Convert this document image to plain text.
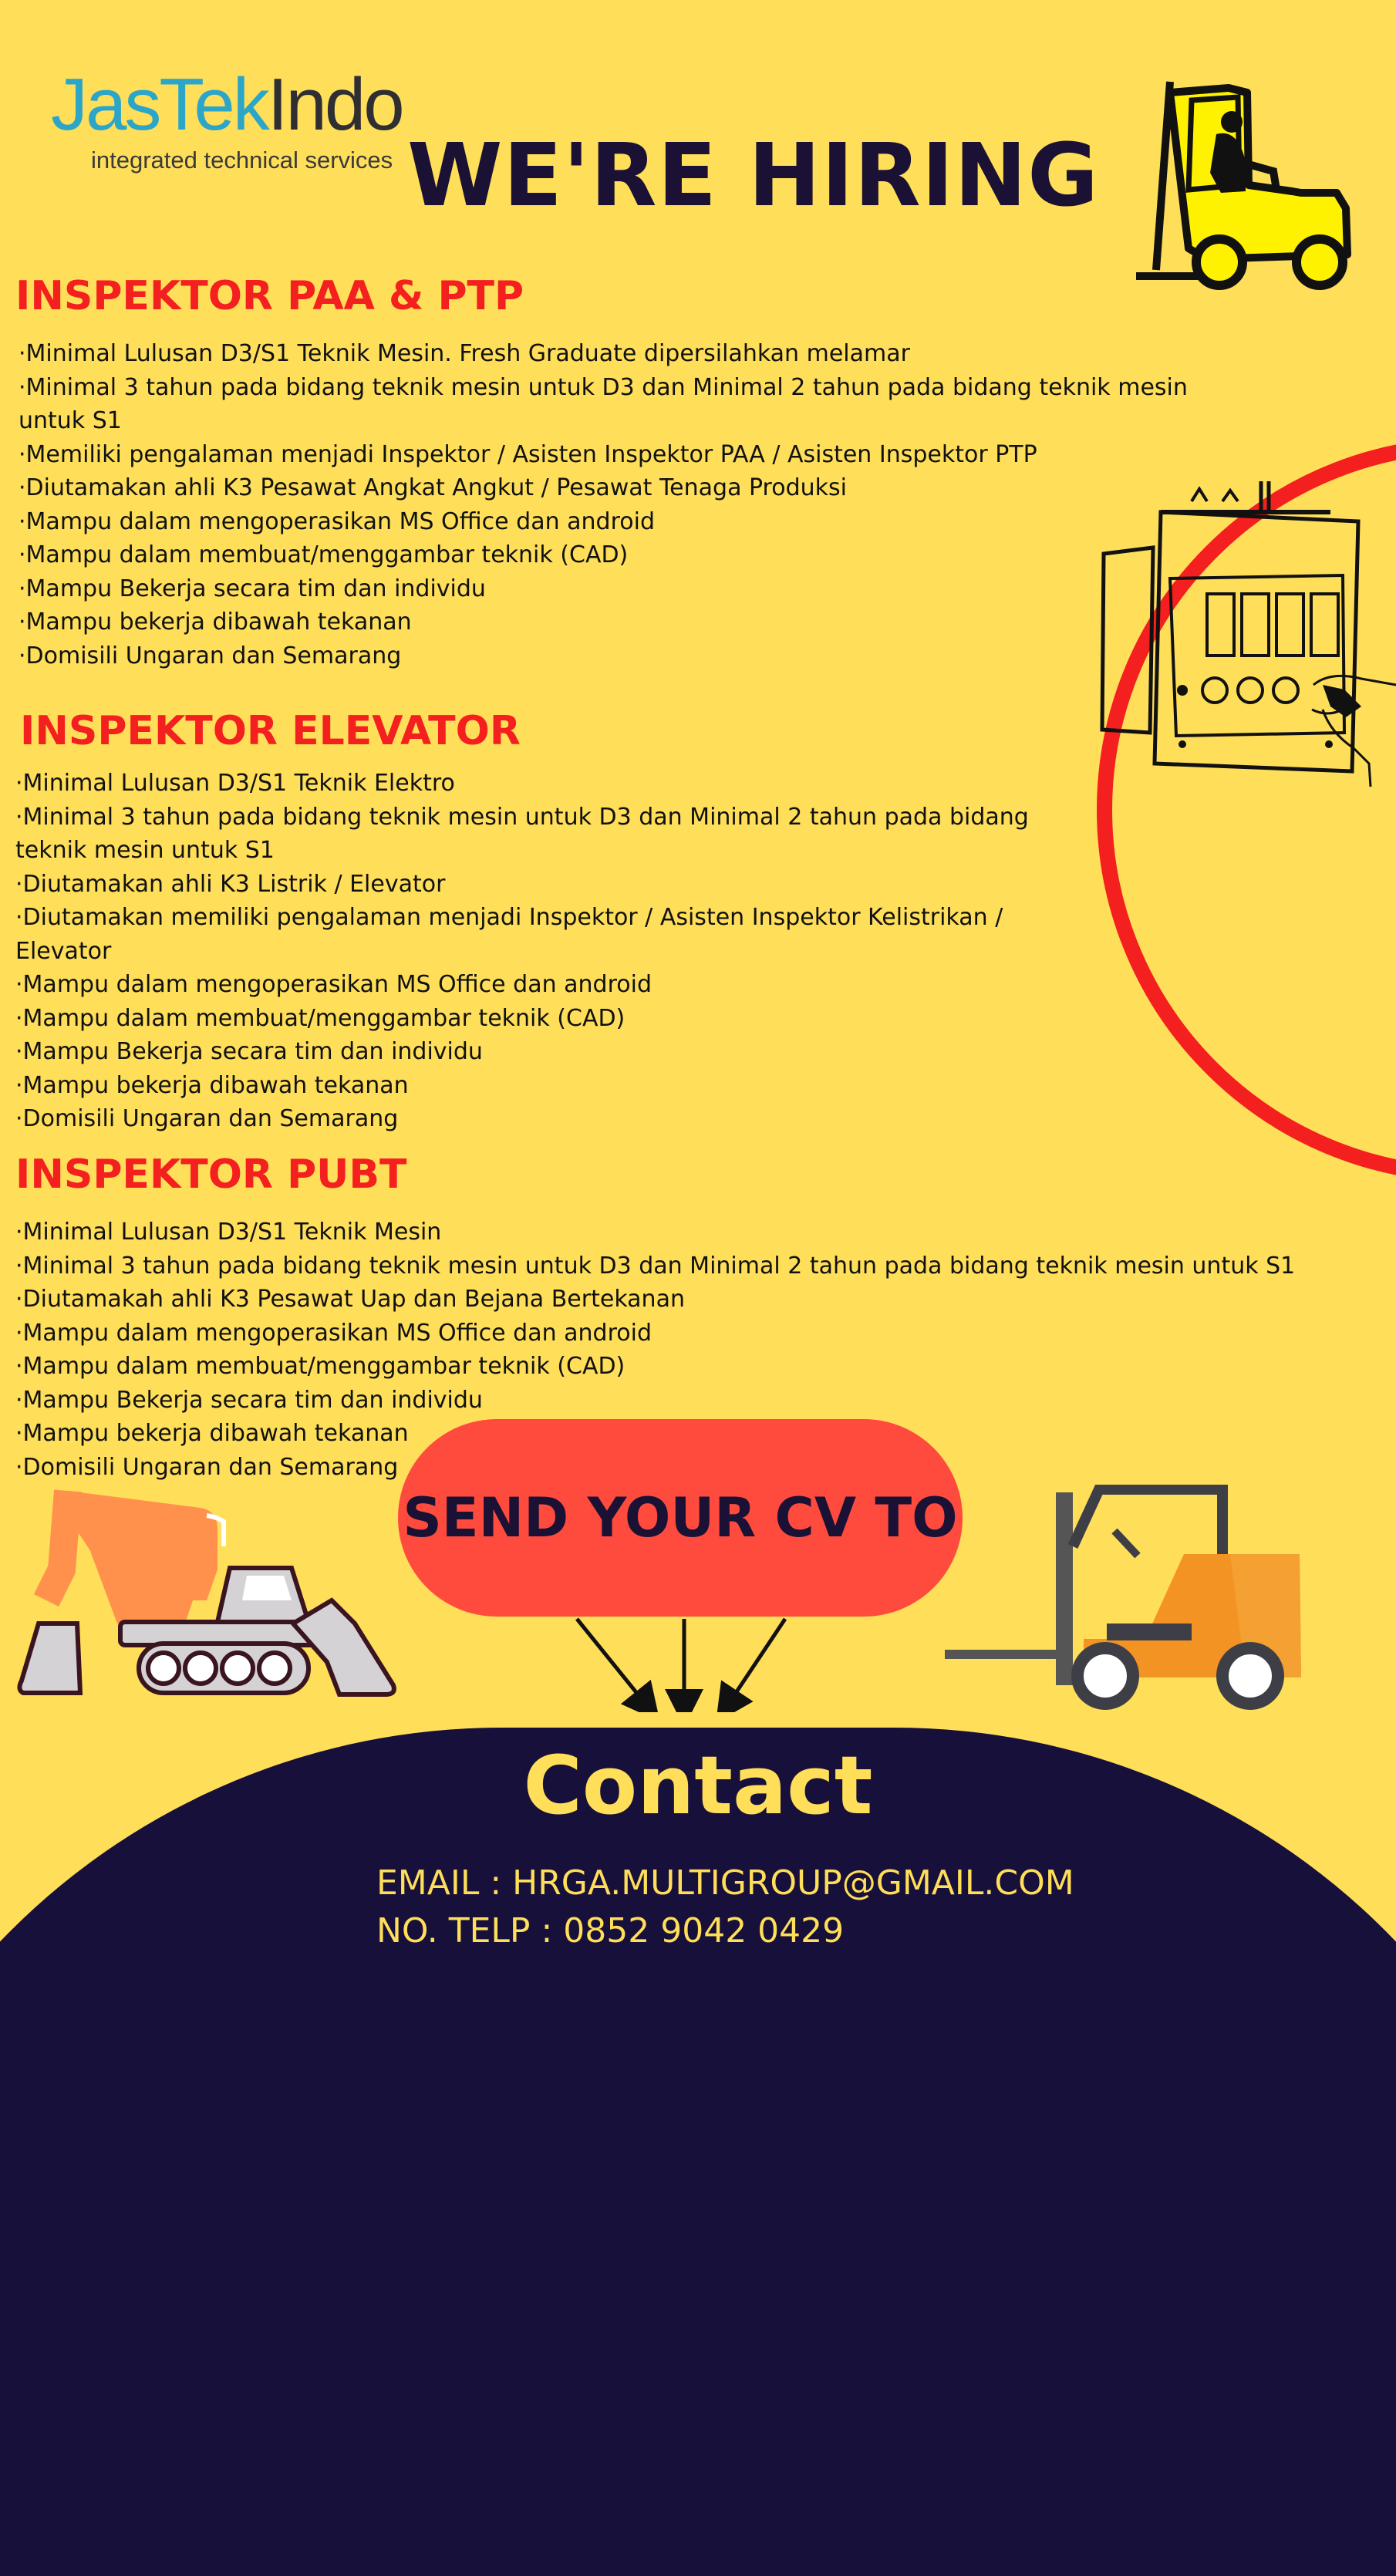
JasTekIndo
integrated technical services WE'RE HIRING
INSPEKTOR PAA & PTP
· Minimal Lulusan D3/S1 Teknik Mesin. Fresh Graduate dipersilahkan melamar
· Minimal 3 tahun pada bidang teknik mesin untuk D3 dan Minimal 2 tahun pada bidang teknik mesin untuk S1
· Memiliki pengalaman menjadi Inspektor / Asisten Inspektor PAA / Asisten Inspektor PTP
· Diutamakan ahli K3 Pesawat Angkat Angkut / Pesawat Tenaga Produksi
· Mampu dalam mengoperasikan MS Office dan android
· Mampu dalam membuat/menggambar teknik (CAD)
· Mampu Bekerja secara tim dan individu
· Mampu bekerja dibawah tekanan
· Domisili Ungaran dan Semarang
INSPEKTOR ELEVATOR
· Minimal Lulusan D3/S1 Teknik Elektro
· Minimal 3 tahun pada bidang teknik mesin untuk D3 dan Minimal 2 tahun pada bidang teknik mesin untuk S1
· Diutamakan ahli K3 Listrik / Elevator
· Diutamakan memiliki pengalaman menjadi Inspektor / Asisten Inspektor Kelistrikan / Elevator
· Mampu dalam mengoperasikan MS Office dan android
· Mampu dalam membuat/menggambar teknik (CAD)
· Mampu Bekerja secara tim dan individu
· Mampu bekerja dibawah tekanan
· Domisili Ungaran dan Semarang
INSPEKTOR PUBT
· Minimal Lulusan D3/S1 Teknik Mesin
· Minimal 3 tahun pada bidang teknik mesin untuk D3 dan Minimal 2 tahun pada bidang teknik mesin untuk S1
· Diutamakah ahli K3 Pesawat Uap dan Bejana Bertekanan
· Mampu dalam mengoperasikan MS Office dan android
· Mampu dalam membuat/menggambar teknik (CAD)
· Mampu Bekerja secara tim dan individu
· Mampu bekerja dibawah tekanan
· Domisili Ungaran dan Semarang
SEND YOUR CV TO
Contact
EMAIL : HRGA.MULTIGROUP@GMAIL.COM
NO. TELP : 0852 9042 0429
